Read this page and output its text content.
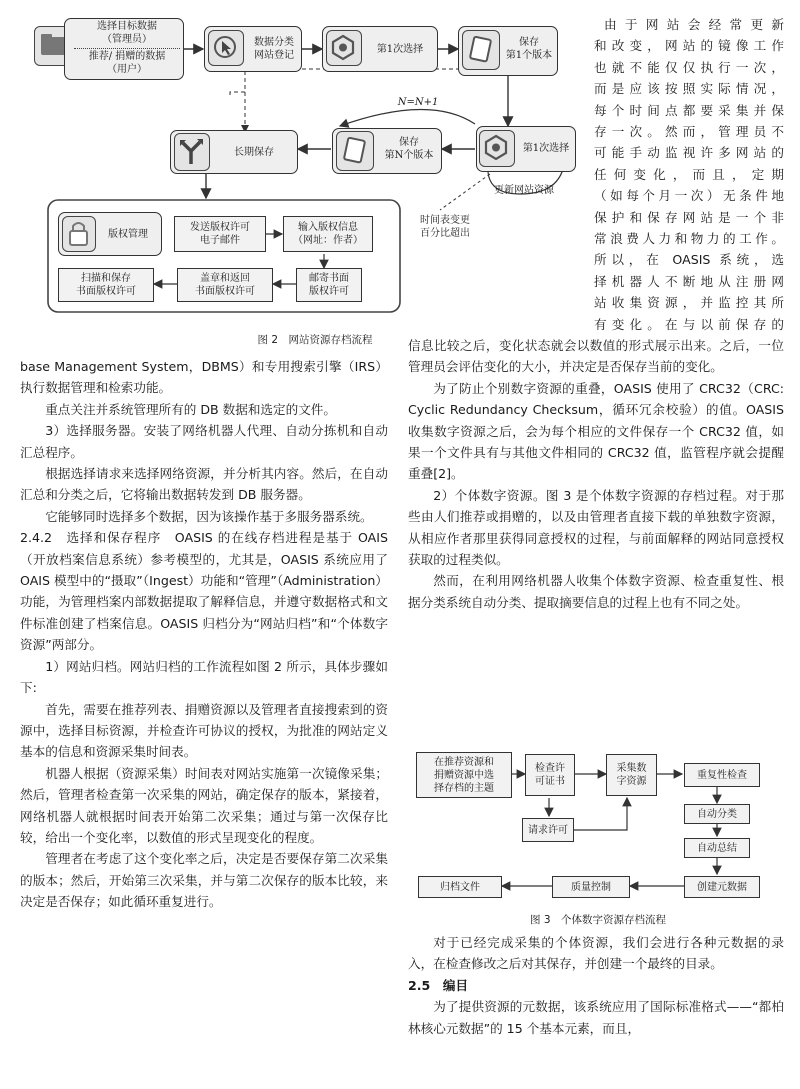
选择目标数据
（管理员）
推荐/ 捐赠的数据
（用户）
数据分类
网站登记
第1次选择
保存
第1个版本
N=N+1
长期保存
保存
第N个版本
第1次选择
更新网站资源
时间表变更
百分比超出
版权管理
发送版权许可
电子邮件
输入版权信息
（网址：作者）
扫描和保存
书面版权许可
盖章和返回
书面版权许可
邮寄书面
版权许可
图 2　网站资源存档流程
由于网站会经常更新
和改变，网站的镜像工作
也就不能仅仅执行一次，
而是应该按照实际情况，
每个时间点都要采集并保
存一次。然而，管理员不
可能手动监视许多网站的
任何变化，而且，定期
（如每个月一次）无条件地
保护和保存网站是一个非
常浪费人力和物力的工作。
所以，在 OASIS 系统，选
择机器人不断地从注册网
站收集资源，并监控其所
有变化。在与以前保存的

信息比较之后，变化状态就会以数值的形式展示出来。之后，一位管理员会评估变化的大小，并决定是否保存当前的变化。

为了防止个别数字资源的重叠，OASIS 使用了 CRC32（CRC: Cyclic Redundancy Checksum，循环冗余校验）的值。OASIS 收集数字资源之后，会为每个相应的文件保存一个 CRC32 值，如果一个文件具有与其他文件相同的 CRC32 值，监管程序就会提醒重叠[2]。

2）个体数字资源。图 3 是个体数字资源的存档过程。对于那些由人们推荐或捐赠的，以及由管理者直接下载的单独数字资源，从相应作者那里获得同意授权的过程，与前面解释的网站同意授权获取的过程类似。

然而，在利用网络机器人收集个体数字资源、检查重复性、根据分类系统自动分类、提取摘要信息的过程上也有不同之处。

在推荐资源和
捐赠资源中选
择存档的主题
检查许
可证书
采集数
字资源
重复性检查
请求许可
自动分类
自动总结
归档文件	质量控制	创建元数据
图 3　个体数字资源存档流程

对于已经完成采集的个体资源，我们会进行各种元数据的录入，在检查修改之后对其保存，并创建一个最终的目录。

2.5　编目

为了提供资源的元数据，该系统应用了国际标准格式——“都柏林核心元数据”的 15 个基本元素，而且，

base Management System，DBMS）和专用搜索引擎（IRS）执行数据管理和检索功能。

重点关注并系统管理所有的 DB 数据和选定的文件。

3）选择服务器。安装了网络机器人代理、自动分拣机和自动汇总程序。

根据选择请求来选择网络资源，并分析其内容。然后，在自动汇总和分类之后，它将输出数据转发到 DB 服务器。

它能够同时选择多个数据，因为该操作基于多服务器系统。

2.4.2　选择和保存程序　OASIS 的在线存档进程是基于 OAIS（开放档案信息系统）参考模型的，尤其是，OASIS 系统应用了 OAIS 模型中的“摄取”（Ingest）功能和“管理”（Administration）功能，为管理档案内部数据提取了解释信息，并遵守数据格式和文件标准创建了档案信息。OASIS 归档分为“网站归档”和“个体数字资源”两部分。

1）网站归档。网站归档的工作流程如图 2 所示，具体步骤如下:

首先，需要在推荐列表、捐赠资源以及管理者直接搜索到的资源中，选择目标资源，并检查许可协议的授权，为批准的网站定义基本的信息和资源采集时间表。

机器人根据（资源采集）时间表对网站实施第一次镜像采集；然后，管理者检查第一次采集的网站，确定保存的版本，紧接着，网络机器人就根据时间表开始第二次采集；通过与第一次保存比较，给出一个变化率，以数值的形式呈现变化的程度。

管理者在考虑了这个变化率之后，决定是否要保存第二次采集的版本；然后，开始第三次采集，并与第二次保存的版本比较，来决定是否保存；如此循环重复进行。
